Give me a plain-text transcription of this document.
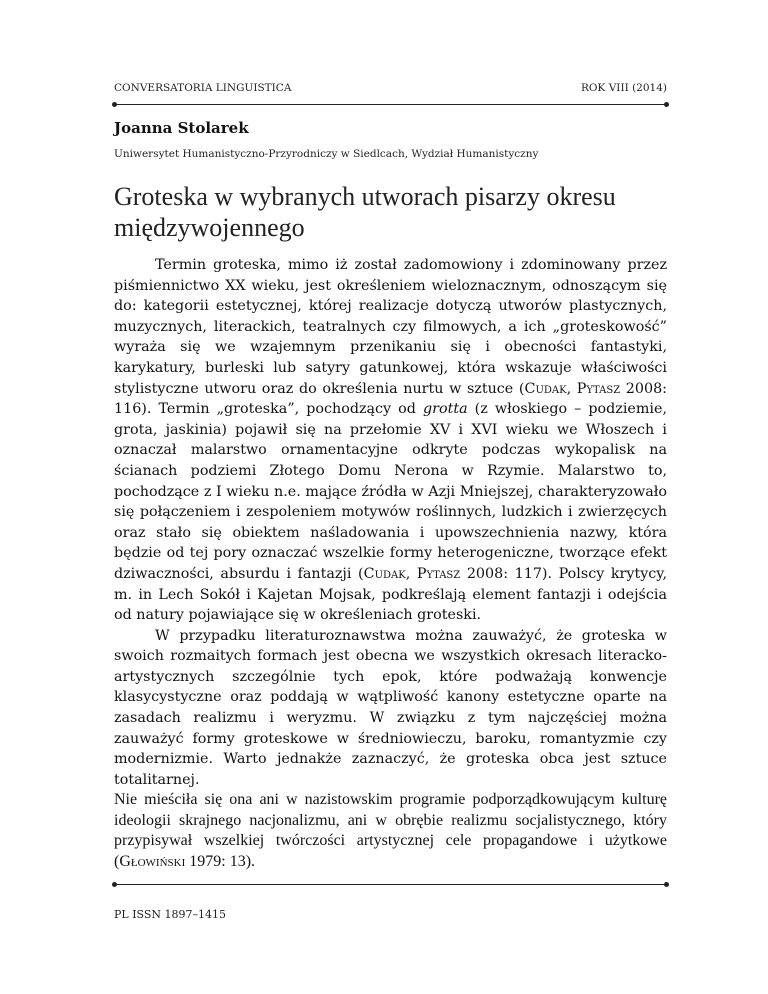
CONVERSATORIA LINGUISTICA	ROK VIII (2014)
Joanna Stolarek
Uniwersytet Humanistyczno-Przyrodniczy w Siedlcach, Wydział Humanistyczny
Groteska w wybranych utworach pisarzy okresu międzywojennego

Termin groteska, mimo iż został zadomowiony i zdominowany przez piśmiennictwo XX wieku, jest określeniem wieloznacznym, odnoszącym się do: kategorii estetycznej, której realizacje dotyczą utworów plastycznych, muzycznych, literackich, teatralnych czy filmowych, a ich „groteskowość” wyraża się we wzajemnym przenikaniu się i obecności fantastyki, karykatury, burleski lub satyry gatunkowej, która wskazuje właściwości stylistyczne utworu oraz do określenia nurtu w sztuce (Cudak, Pytasz 2008: 116). Termin „groteska”, pochodzący od grotta (z włoskiego – podziemie, grota, jaskinia) pojawił się na przełomie XV i XVI wieku we Włoszech i oznaczał malarstwo ornamentacyjne odkryte podczas wykopalisk na ścianach podziemi Złotego Domu Nerona w Rzymie. Malarstwo to, pochodzące z I wieku n.e. mające źródła w Azji Mniejszej, charakteryzowało się połączeniem i zespoleniem motywów roślinnych, ludzkich i zwierzęcych oraz stało się obiektem naśladowania i upowszechnienia nazwy, która będzie od tej pory oznaczać wszelkie formy heterogeniczne, tworzące efekt dziwaczności, absurdu i fantazji (Cudak, Pytasz 2008: 117). Polscy krytycy, m. in Lech Sokół i Kajetan Mojsak, podkreślają element fantazji i odejścia od natury pojawiające się w określeniach groteski.

W przypadku literaturoznawstwa można zauważyć, że groteska w swoich rozmaitych formach jest obecna we wszystkich okresach literacko-artystycznych szczególnie tych epok, które podważają konwencje klasycystyczne oraz poddają w wątpliwość kanony estetyczne oparte na zasadach realizmu i weryzmu. W związku z tym najczęściej można zauważyć formy groteskowe w średniowieczu, baroku, romantyzmie czy modernizmie. Warto jednakże zaznaczyć, że groteska obca jest sztuce totalitarnej.

Nie mieściła się ona ani w nazistowskim programie podporządkowującym kulturę ideologii skrajnego nacjonalizmu, ani w obrębie realizmu socjalistycznego, który przypisywał wszelkiej twórczości artystycznej cele propagandowe i użytkowe (Głowiński 1979: 13).

PL ISSN 1897–1415
